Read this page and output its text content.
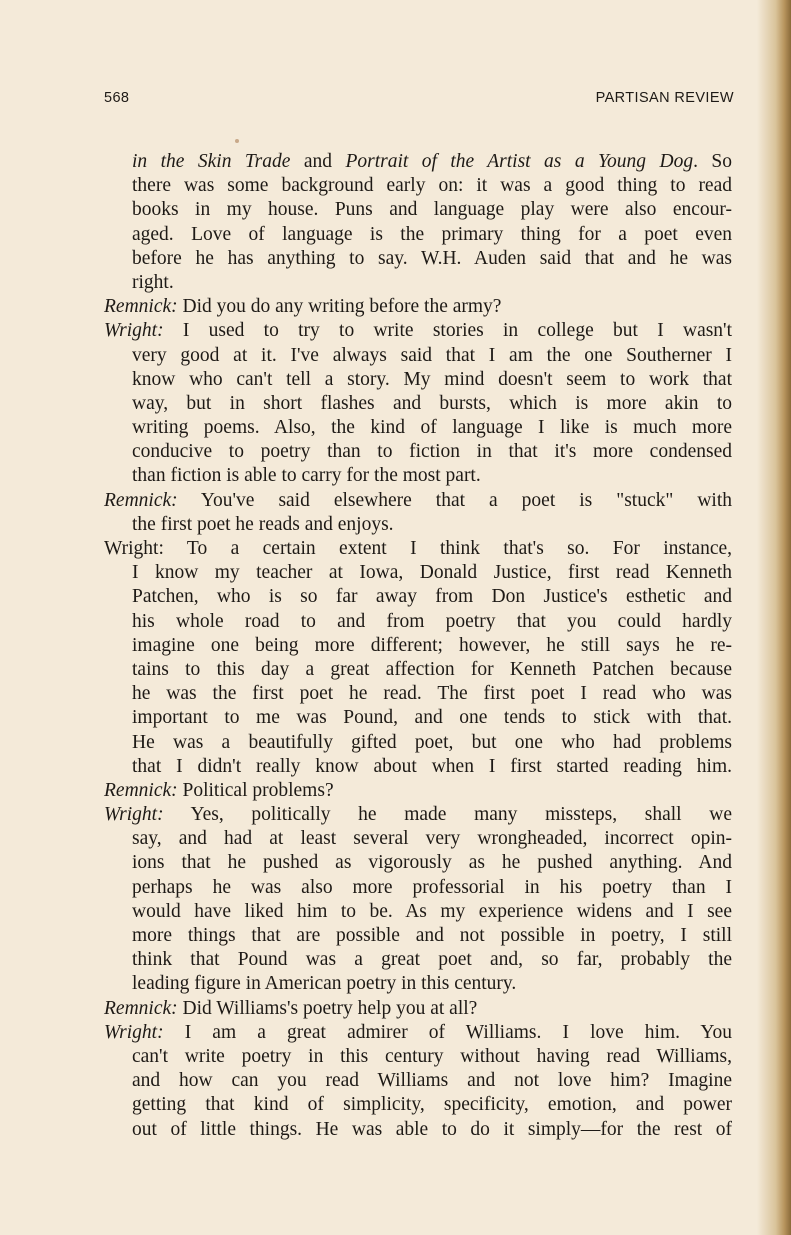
568	PARTISAN REVIEW
in the Skin Trade and Portrait of the Artist as a Young Dog. So
there was some background early on: it was a good thing to read
books in my house. Puns and language play were also encour-
aged. Love of language is the primary thing for a poet even
before he has anything to say. W.H. Auden said that and he was
right.
Remnick: Did you do any writing before the army?
Wright: I used to try to write stories in college but I wasn't
very good at it. I've always said that I am the one Southerner I
know who can't tell a story. My mind doesn't seem to work that
way, but in short flashes and bursts, which is more akin to
writing poems. Also, the kind of language I like is much more
conducive to poetry than to fiction in that it's more condensed
than fiction is able to carry for the most part.
Remnick: You've said elsewhere that a poet is "stuck" with
the first poet he reads and enjoys.
Wright: To a certain extent I think that's so. For instance,
I know my teacher at Iowa, Donald Justice, first read Kenneth
Patchen, who is so far away from Don Justice's esthetic and
his whole road to and from poetry that you could hardly
imagine one being more different; however, he still says he re-
tains to this day a great affection for Kenneth Patchen because
he was the first poet he read. The first poet I read who was
important to me was Pound, and one tends to stick with that.
He was a beautifully gifted poet, but one who had problems
that I didn't really know about when I first started reading him.
Remnick: Political problems?
Wright: Yes, politically he made many missteps, shall we
say, and had at least several very wrongheaded, incorrect opin-
ions that he pushed as vigorously as he pushed anything. And
perhaps he was also more professorial in his poetry than I
would have liked him to be. As my experience widens and I see
more things that are possible and not possible in poetry, I still
think that Pound was a great poet and, so far, probably the
leading figure in American poetry in this century.
Remnick: Did Williams's poetry help you at all?
Wright: I am a great admirer of Williams. I love him. You
can't write poetry in this century without having read Williams,
and how can you read Williams and not love him? Imagine
getting that kind of simplicity, specificity, emotion, and power
out of little things. He was able to do it simply—for the rest of
